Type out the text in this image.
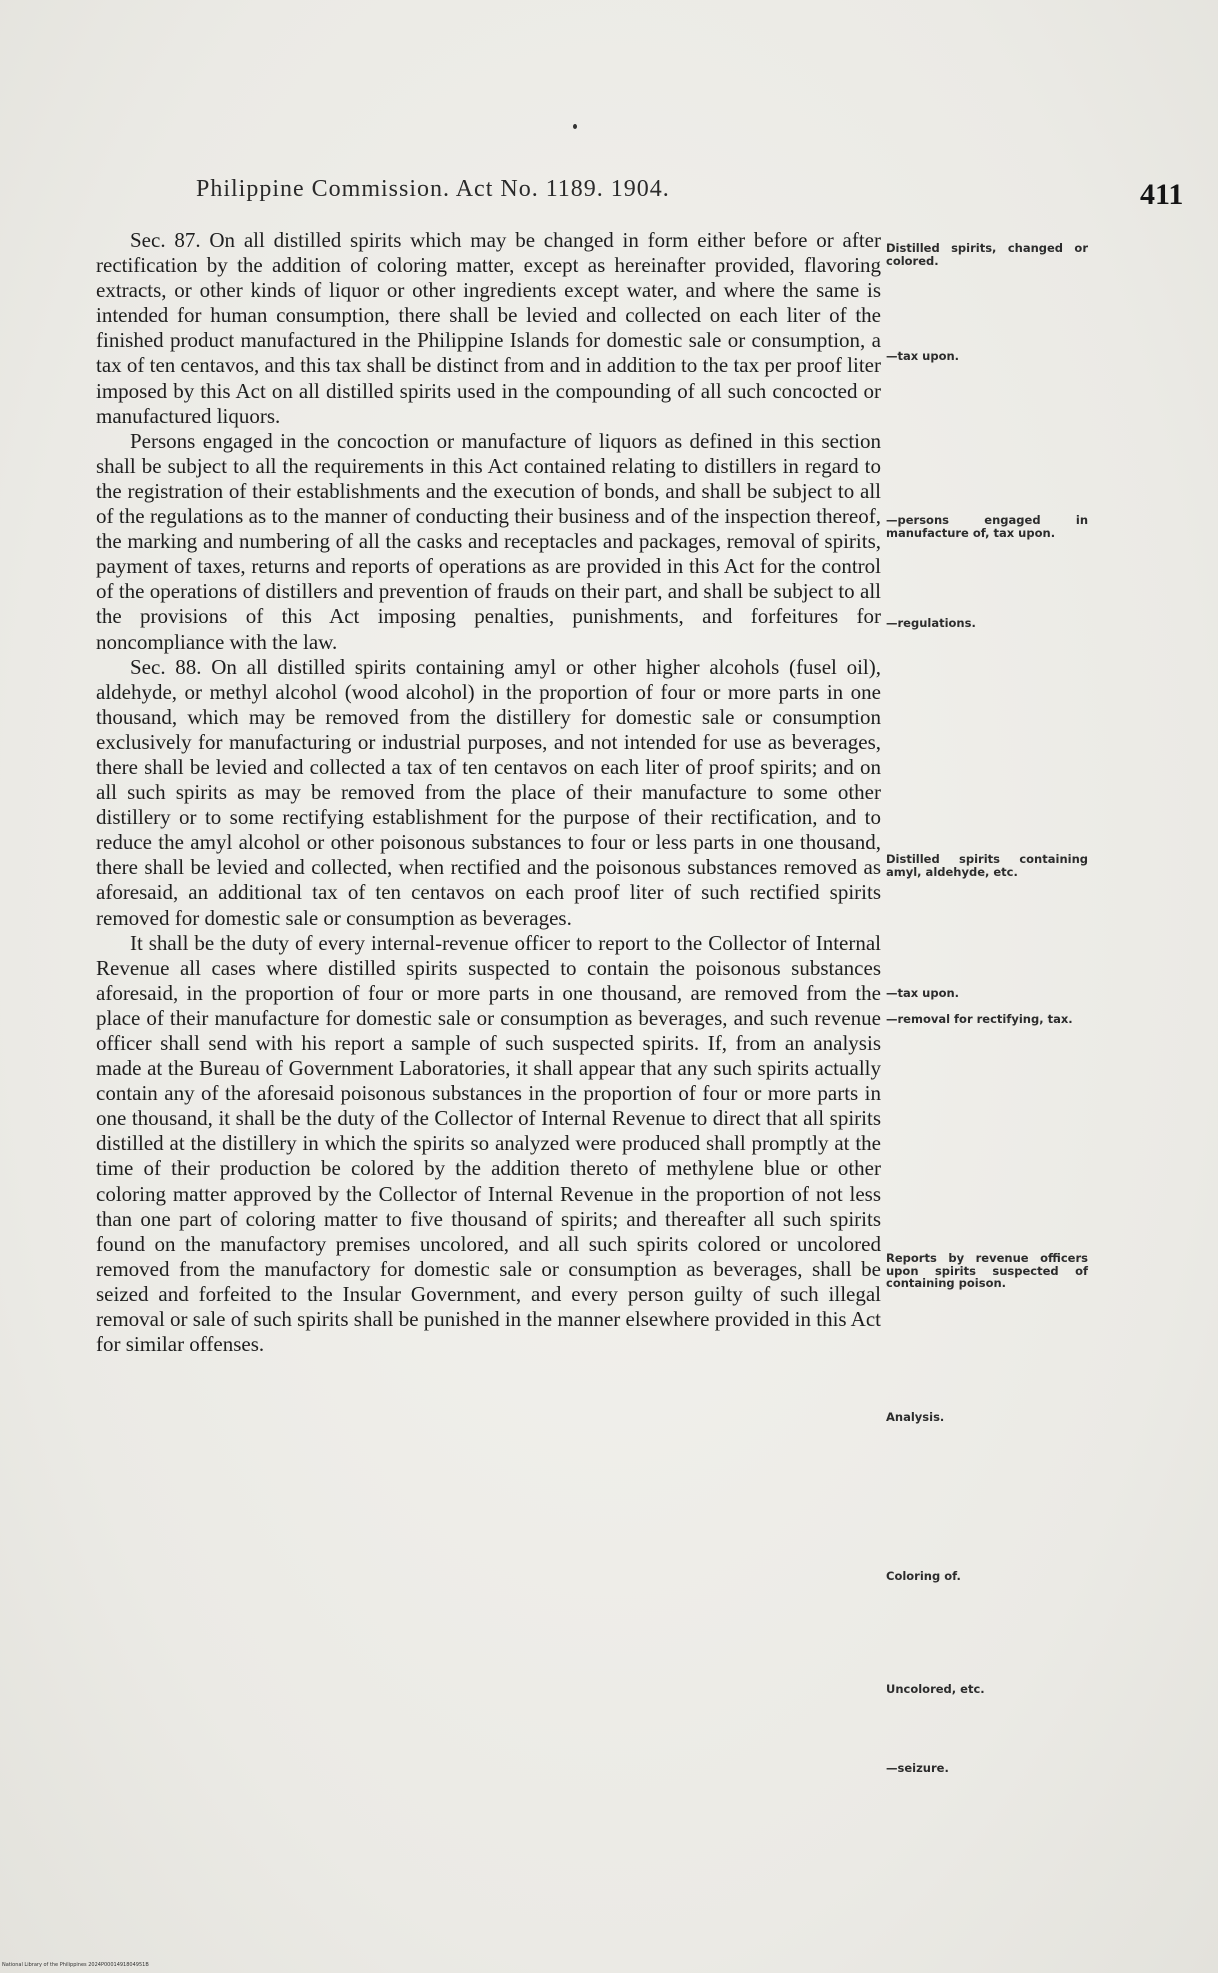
Philippine Commission. Act No. 1189. 1904.	411

Sec. 87. On all distilled spirits which may be changed in form either before or after rectification by the addition of coloring matter, except as hereinafter provided, flavoring extracts, or other kinds of liquor or other ingredients except water, and where the same is intended for human consumption, there shall be levied and collected on each liter of the finished product manufactured in the Philippine Islands for domestic sale or consumption, a tax of ten centavos, and this tax shall be distinct from and in addition to the tax per proof liter imposed by this Act on all distilled spirits used in the compounding of all such concocted or manufactured liquors.

Persons engaged in the concoction or manufacture of liquors as defined in this section shall be subject to all the requirements in this Act contained relating to distillers in regard to the registration of their establishments and the execution of bonds, and shall be subject to all of the regulations as to the manner of conducting their business and of the inspection thereof, the marking and numbering of all the casks and receptacles and packages, removal of spirits, payment of taxes, returns and reports of operations as are provided in this Act for the control of the operations of distillers and prevention of frauds on their part, and shall be subject to all the provisions of this Act imposing penalties, punishments, and forfeitures for noncompliance with the law.

Sec. 88. On all distilled spirits containing amyl or other higher alcohols (fusel oil), aldehyde, or methyl alcohol (wood alcohol) in the proportion of four or more parts in one thousand, which may be removed from the distillery for domestic sale or consumption exclusively for manufacturing or industrial purposes, and not intended for use as beverages, there shall be levied and collected a tax of ten centavos on each liter of proof spirits; and on all such spirits as may be removed from the place of their manufacture to some other distillery or to some rectifying establishment for the purpose of their rectification, and to reduce the amyl alcohol or other poisonous substances to four or less parts in one thousand, there shall be levied and collected, when rectified and the poisonous substances removed as aforesaid, an additional tax of ten centavos on each proof liter of such rectified spirits removed for domestic sale or consumption as beverages.

It shall be the duty of every internal-revenue officer to report to the Collector of Internal Revenue all cases where distilled spirits suspected to contain the poisonous substances aforesaid, in the proportion of four or more parts in one thousand, are removed from the place of their manufacture for domestic sale or consumption as beverages, and such revenue officer shall send with his report a sample of such suspected spirits. If, from an analysis made at the Bureau of Government Laboratories, it shall appear that any such spirits actually contain any of the aforesaid poisonous substances in the proportion of four or more parts in one thousand, it shall be the duty of the Collector of Internal Revenue to direct that all spirits distilled at the distillery in which the spirits so analyzed were produced shall promptly at the time of their production be colored by the addition thereto of methylene blue or other coloring matter approved by the Collector of Internal Revenue in the proportion of not less than one part of coloring matter to five thousand of spirits; and thereafter all such spirits found on the manufactory premises uncolored, and all such spirits colored or uncolored removed from the manufactory for domestic sale or consumption as beverages, shall be seized and forfeited to the Insular Government, and every person guilty of such illegal removal or sale of such spirits shall be punished in the manner elsewhere provided in this Act for similar offenses.

Distilled spirits, changed or colored.
—tax upon.
—persons engaged in manufacture of, tax upon.
—regulations.
Distilled spirits containing amyl, aldehyde, etc.
—tax upon.
—removal for rectifying, tax.
Reports by revenue officers upon spirits suspected of containing poison.
Analysis.
Coloring of.
Uncolored, etc.
—seizure.
National Library of the Philippines 2024P0001491804951B
